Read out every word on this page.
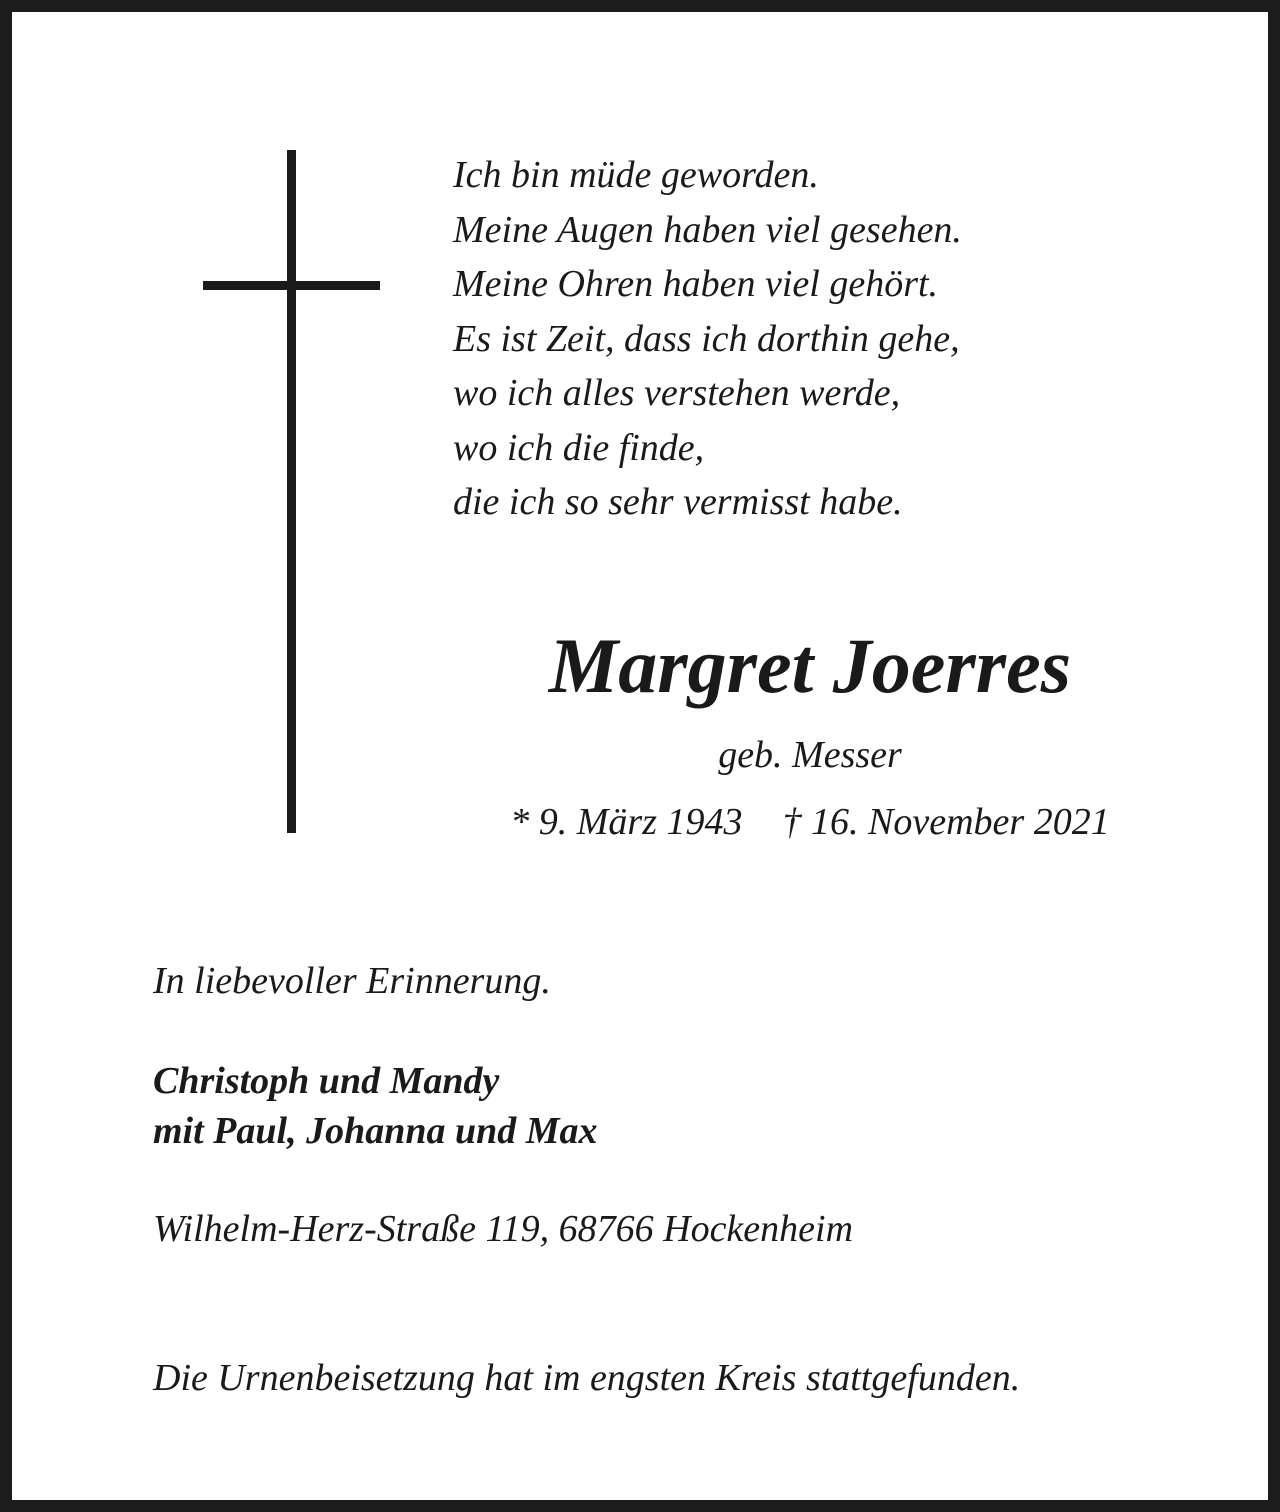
Ich bin müde geworden.
Meine Augen haben viel gesehen.
Meine Ohren haben viel gehört.
Es ist Zeit, dass ich dorthin gehe,
wo ich alles verstehen werde,
wo ich die finde,
die ich so sehr vermisst habe.
Margret Joerres
geb. Messer
* 9. März 1943 † 16. November 2021
In liebevoller Erinnerung.
Christoph und Mandy
mit Paul, Johanna und Max
Wilhelm-Herz-Straße 119, 68766 Hockenheim
Die Urnenbeisetzung hat im engsten Kreis stattgefunden.
